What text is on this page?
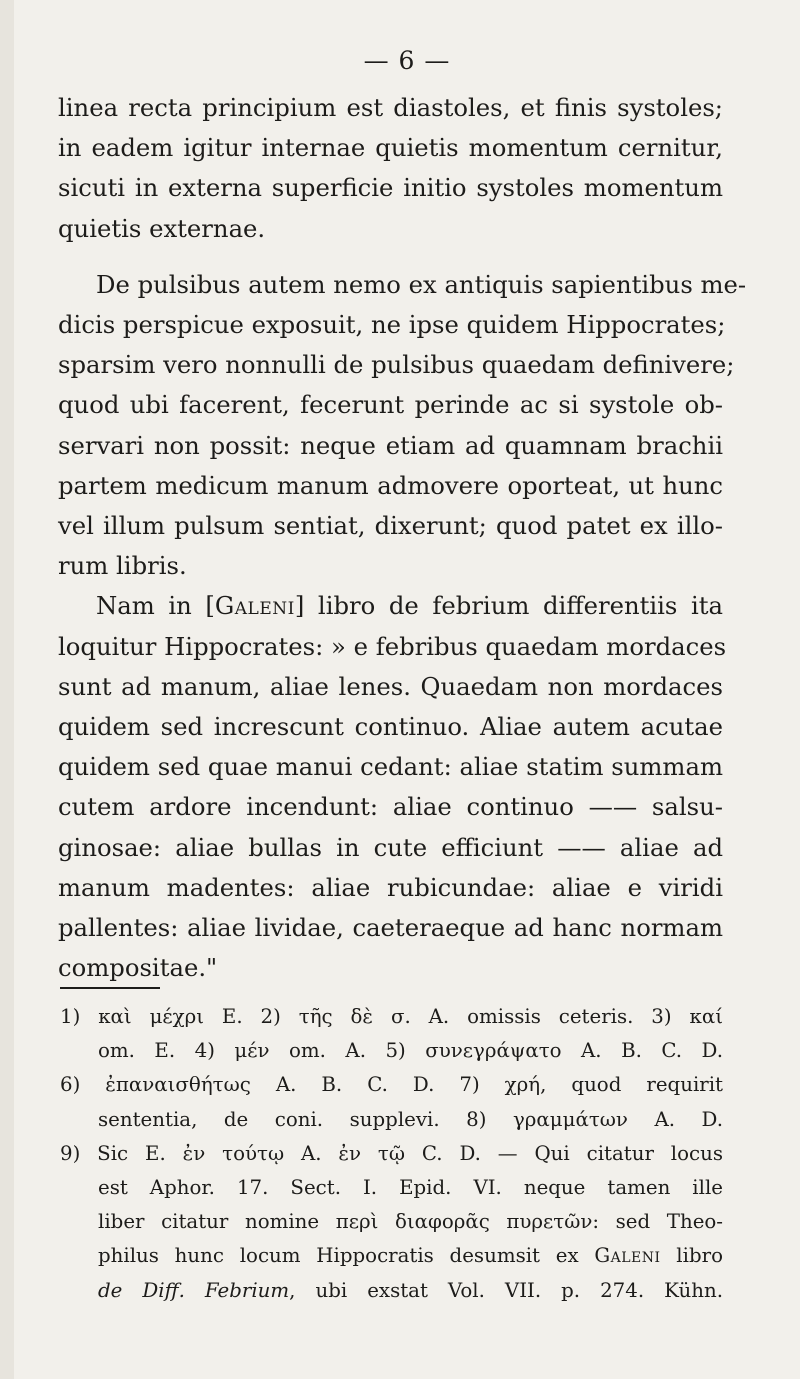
— 6 —
linea recta principium est diastoles, et finis systoles;
in eadem igitur internae quietis momentum cernitur,
sicuti in externa superficie initio systoles momentum
quietis externae.
De pulsibus autem nemo ex antiquis sapientibus me-
dicis perspicue exposuit, ne ipse quidem Hippocrates;
sparsim vero nonnulli de pulsibus quaedam definivere;
quod ubi facerent, fecerunt perinde ac si systole ob-
servari non possit: neque etiam ad quamnam brachii
partem medicum manum admovere oporteat, ut hunc
vel illum pulsum sentiat, dixerunt; quod patet ex illo-
rum libris.
Nam in [Galeni] libro de febrium differentiis ita
loquitur Hippocrates: » e febribus quaedam mordaces
sunt ad manum, aliae lenes. Quaedam non mordaces
quidem sed increscunt continuo. Aliae autem acutae
quidem sed quae manui cedant: aliae statim summam
cutem ardore incendunt: aliae continuo —— salsu-
ginosae: aliae bullas in cute efficiunt —— aliae ad
manum madentes: aliae rubicundae: aliae e viridi
pallentes: aliae lividae, caeteraeque ad hanc normam
compositae."
1) καὶ μέχρι E. 2) τῆς δὲ σ. A. omissis ceteris. 3) καί
om. E. 4) μέν om. A. 5) συνεγράψατο A. B. C. D.
6) ἐπαναισθήτως A. B. C. D. 7) χρή, quod requirit
sententia, de coni. supplevi. 8) γραμμάτων A. D.
9) Sic E. ἐν τούτῳ A. ἐν τῷ C. D. — Qui citatur locus
est Aphor. 17. Sect. I. Epid. VI. neque tamen ille
liber citatur nomine περὶ διαφορᾶς πυρετῶν: sed Theo-
philus hunc locum Hippocratis desumsit ex Galeni libro
de Diff. Febrium, ubi exstat Vol. VII. p. 274. Kühn.
